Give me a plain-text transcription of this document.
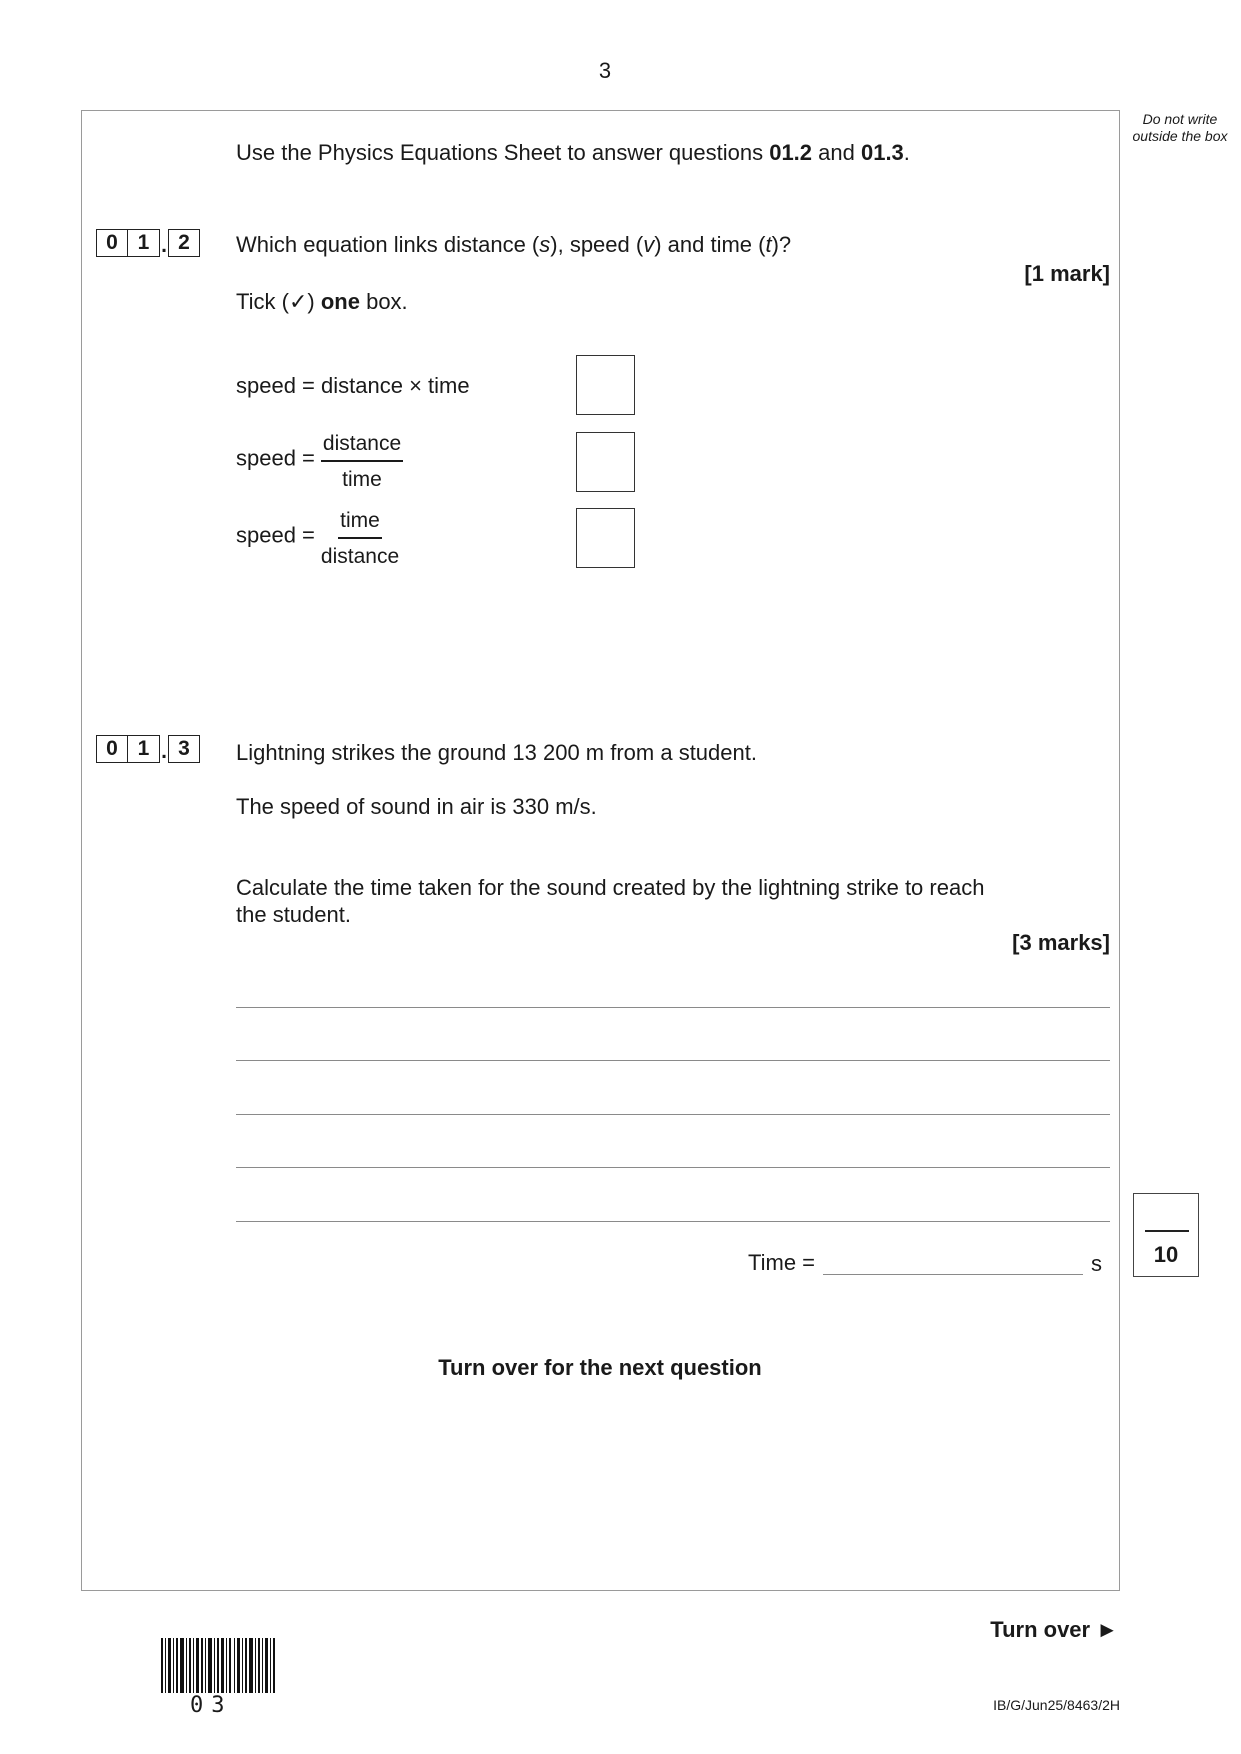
3
Do not write outside the box
Use the Physics Equations Sheet to answer questions 01.2 and 01.3.
0 1 . 2	Which equation links distance (s), speed (v) and time (t)?
[1 mark]
Tick (✓) one box.
speed = distance × time
speed = $\frac{\text{distance}}{\text{time}}$
speed = $\frac{\text{time}}{\text{distance}}$
0 1 . 3	Lightning strikes the ground 13 200 m from a student.
The speed of sound in air is 330 m/s.
Calculate the time taken for the sound created by the lightning strike to reach
the student.
[3 marks]
Time =	s	10
Turn over for the next question
Turn over ►
03	IB/G/Jun25/8463/2H
